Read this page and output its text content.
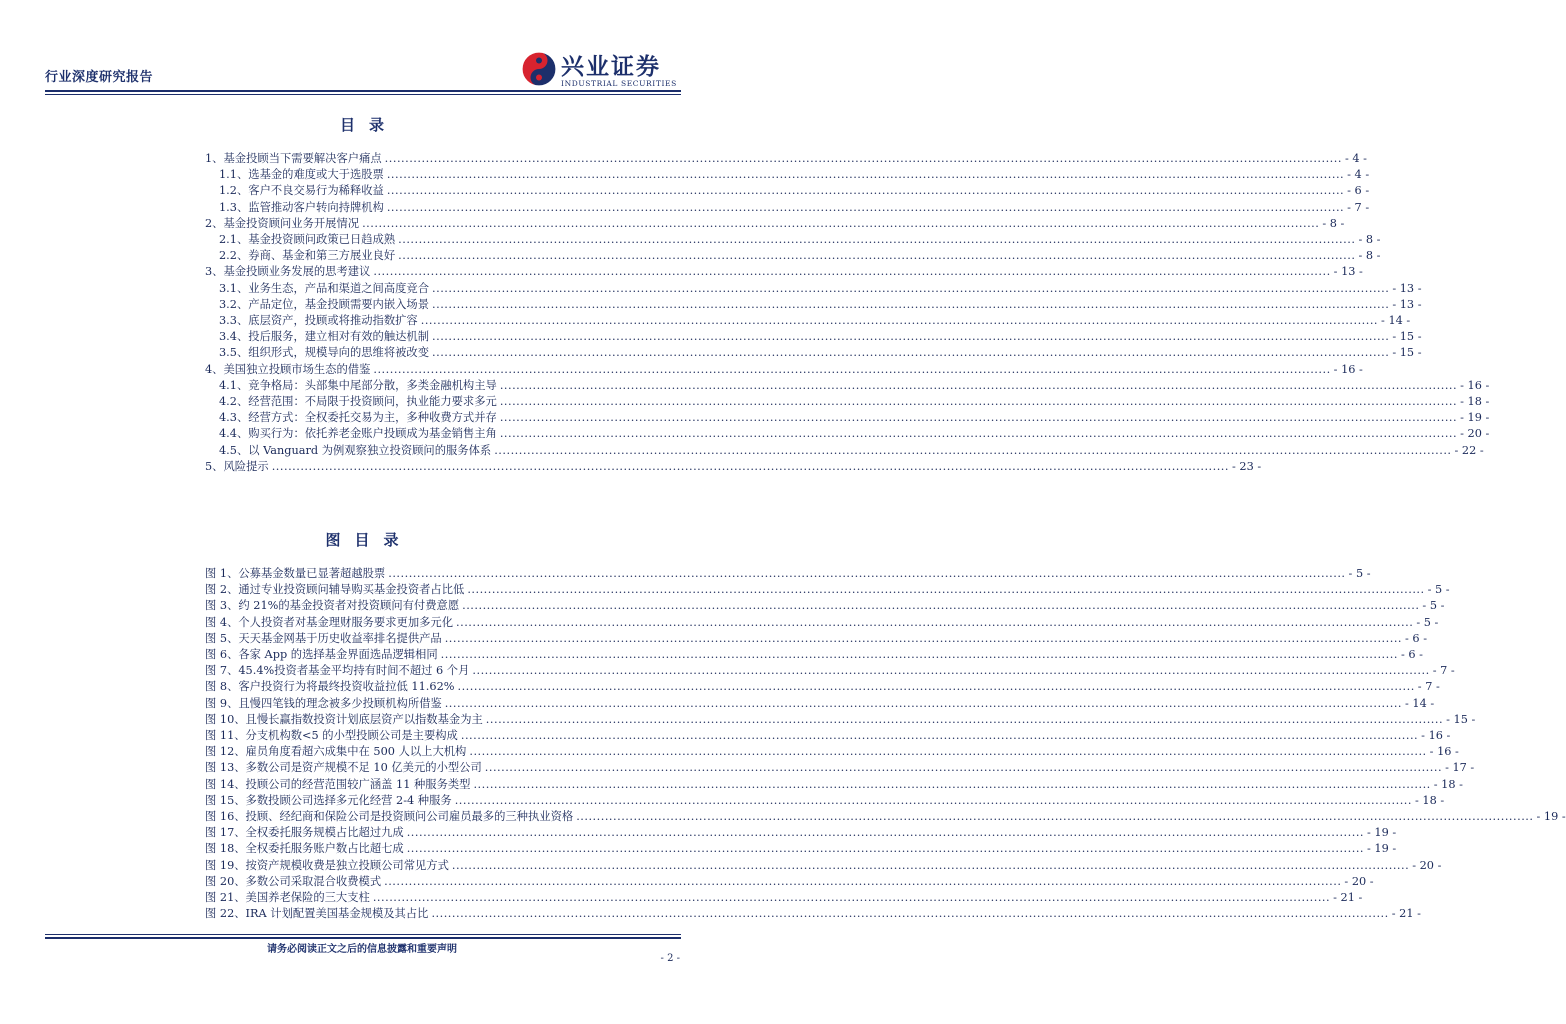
行业深度研究报告	兴业证券
INDUSTRIAL SECURITIES
目录
1、 基金投顾当下需要解决客户痛点 .....	- 4 -
1.1、 选基金的难度或大于选股票 .....	- 4 -
1.2、 客户不良交易行为稀释收益 .....	- 6 -
1.3、 监管推动客户转向持牌机构 .....	- 7 -
2、 基金投资顾问业务开展情况 .....	- 8 -
2.1、 基金投资顾问政策已日趋成熟 .....	- 8 -
2.2、 券商、基金和第三方展业良好 .....	- 8 -
3、 基金投顾业务发展的思考建议 .....	- 13 -
3.1、 业务生态，产品和渠道之间高度竞合 .....	- 13 -
3.2、 产品定位，基金投顾需要内嵌入场景 .....	- 13 -
3.3、 底层资产，投顾或将推动指数扩容 .....	- 14 -
3.4、 投后服务，建立相对有效的触达机制 .....	- 15 -
3.5、 组织形式，规模导向的思维将被改变 .....	- 15 -
4、 美国独立投顾市场生态的借鉴 .....	- 16 -
4.1、 竞争格局：头部集中尾部分散，多类金融机构主导 .....	- 16 -
4.2、 经营范围：不局限于投资顾问，执业能力要求多元 .....	- 18 -
4.3、 经营方式：全权委托交易为主，多种收费方式并存 .....	- 19 -
4.4、 购买行为：依托养老金账户投顾成为基金销售主角 .....	- 20 -
4.5、 以 Vanguard 为例观察独立投资顾问的服务体系 .....	- 22 -
5、 风险提示 .....	- 23 -
图目录
图 1、公募基金数量已显著超越股票 .....	- 5 -
图 2、通过专业投资顾问辅导购买基金投资者占比低 .....	- 5 -
图 3、约 21%的基金投资者对投资顾问有付费意愿 .....	- 5 -
图 4、个人投资者对基金理财服务要求更加多元化 .....	- 5 -
图 5、天天基金网基于历史收益率排名提供产品 .....	- 6 -
图 6、各家 App 的选择基金界面选品逻辑相同 .....	- 6 -
图 7、45.4%投资者基金平均持有时间不超过 6 个月 .....	- 7 -
图 8、客户投资行为将最终投资收益拉低 11.62% .....	- 7 -
图 9、且慢四笔钱的理念被多少投顾机构所借鉴 .....	- 14 -
图 10、且慢长赢指数投资计划底层资产以指数基金为主 .....	- 15 -
图 11、分支机构数<5 的小型投顾公司是主要构成 .....	- 16 -
图 12、雇员角度看超六成集中在 500 人以上大机构 .....	- 16 -
图 13、多数公司是资产规模不足 10 亿美元的小型公司 .....	- 17 -
图 14、投顾公司的经营范围较广涵盖 11 种服务类型 .....	- 18 -
图 15、多数投顾公司选择多元化经营 2-4 种服务 .....	- 18 -
图 16、投顾、经纪商和保险公司是投资顾问公司雇员最多的三种执业资格 .....	- 19 -
图 17、全权委托服务规模占比超过九成 .....	- 19 -
图 18、全权委托服务账户数占比超七成 .....	- 19 -
图 19、按资产规模收费是独立投顾公司常见方式 .....	- 20 -
图 20、多数公司采取混合收费模式 .....	- 20 -
图 21、美国养老保险的三大支柱 .....	- 21 -
图 22、IRA 计划配置美国基金规模及其占比 .....	- 21 -
请务必阅读正文之后的信息披露和重要声明
- 2 -
